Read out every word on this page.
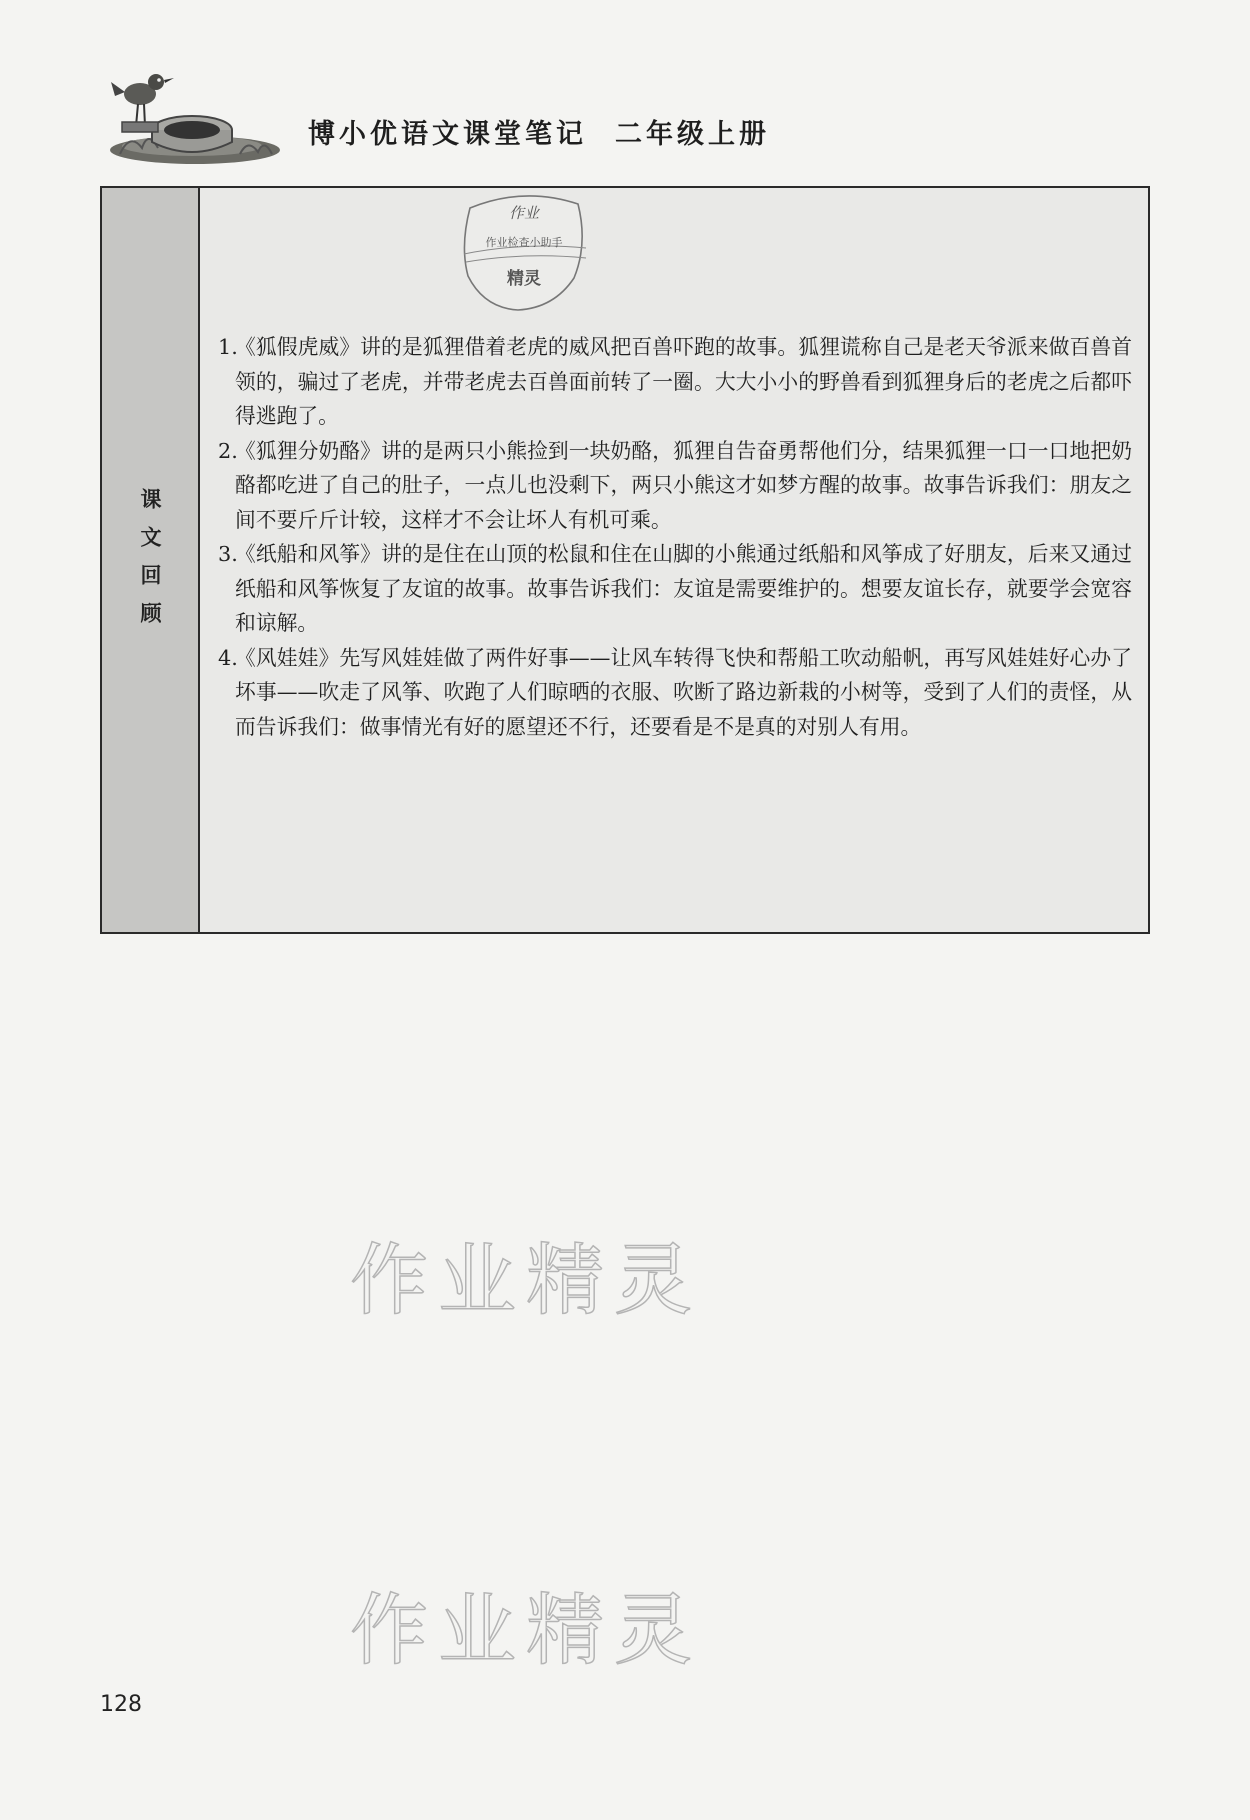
博小优语文课堂笔记 二年级上册
课文回顾
作业
作业检查小助手
精灵
1.
《狐假虎威》讲的是狐狸借着老虎的威风把百兽吓跑的故事。狐狸谎称自己是老天爷派来做百兽首领的，骗过了老虎，并带老虎去百兽面前转了一圈。大大小小的野兽看到狐狸身后的老虎之后都吓得逃跑了。
2.
《狐狸分奶酪》讲的是两只小熊捡到一块奶酪，狐狸自告奋勇帮他们分，结果狐狸一口一口地把奶酪都吃进了自己的肚子，一点儿也没剩下，两只小熊这才如梦方醒的故事。故事告诉我们：朋友之间不要斤斤计较，这样才不会让坏人有机可乘。
3.
《纸船和风筝》讲的是住在山顶的松鼠和住在山脚的小熊通过纸船和风筝成了好朋友，后来又通过纸船和风筝恢复了友谊的故事。故事告诉我们：友谊是需要维护的。想要友谊长存，就要学会宽容和谅解。
4.
《风娃娃》先写风娃娃做了两件好事——让风车转得飞快和帮船工吹动船帆，再写风娃娃好心办了坏事——吹走了风筝、吹跑了人们晾晒的衣服、吹断了路边新栽的小树等，受到了人们的责怪，从而告诉我们：做事情光有好的愿望还不行，还要看是不是真的对别人有用。
作业精灵
作业精灵
128
